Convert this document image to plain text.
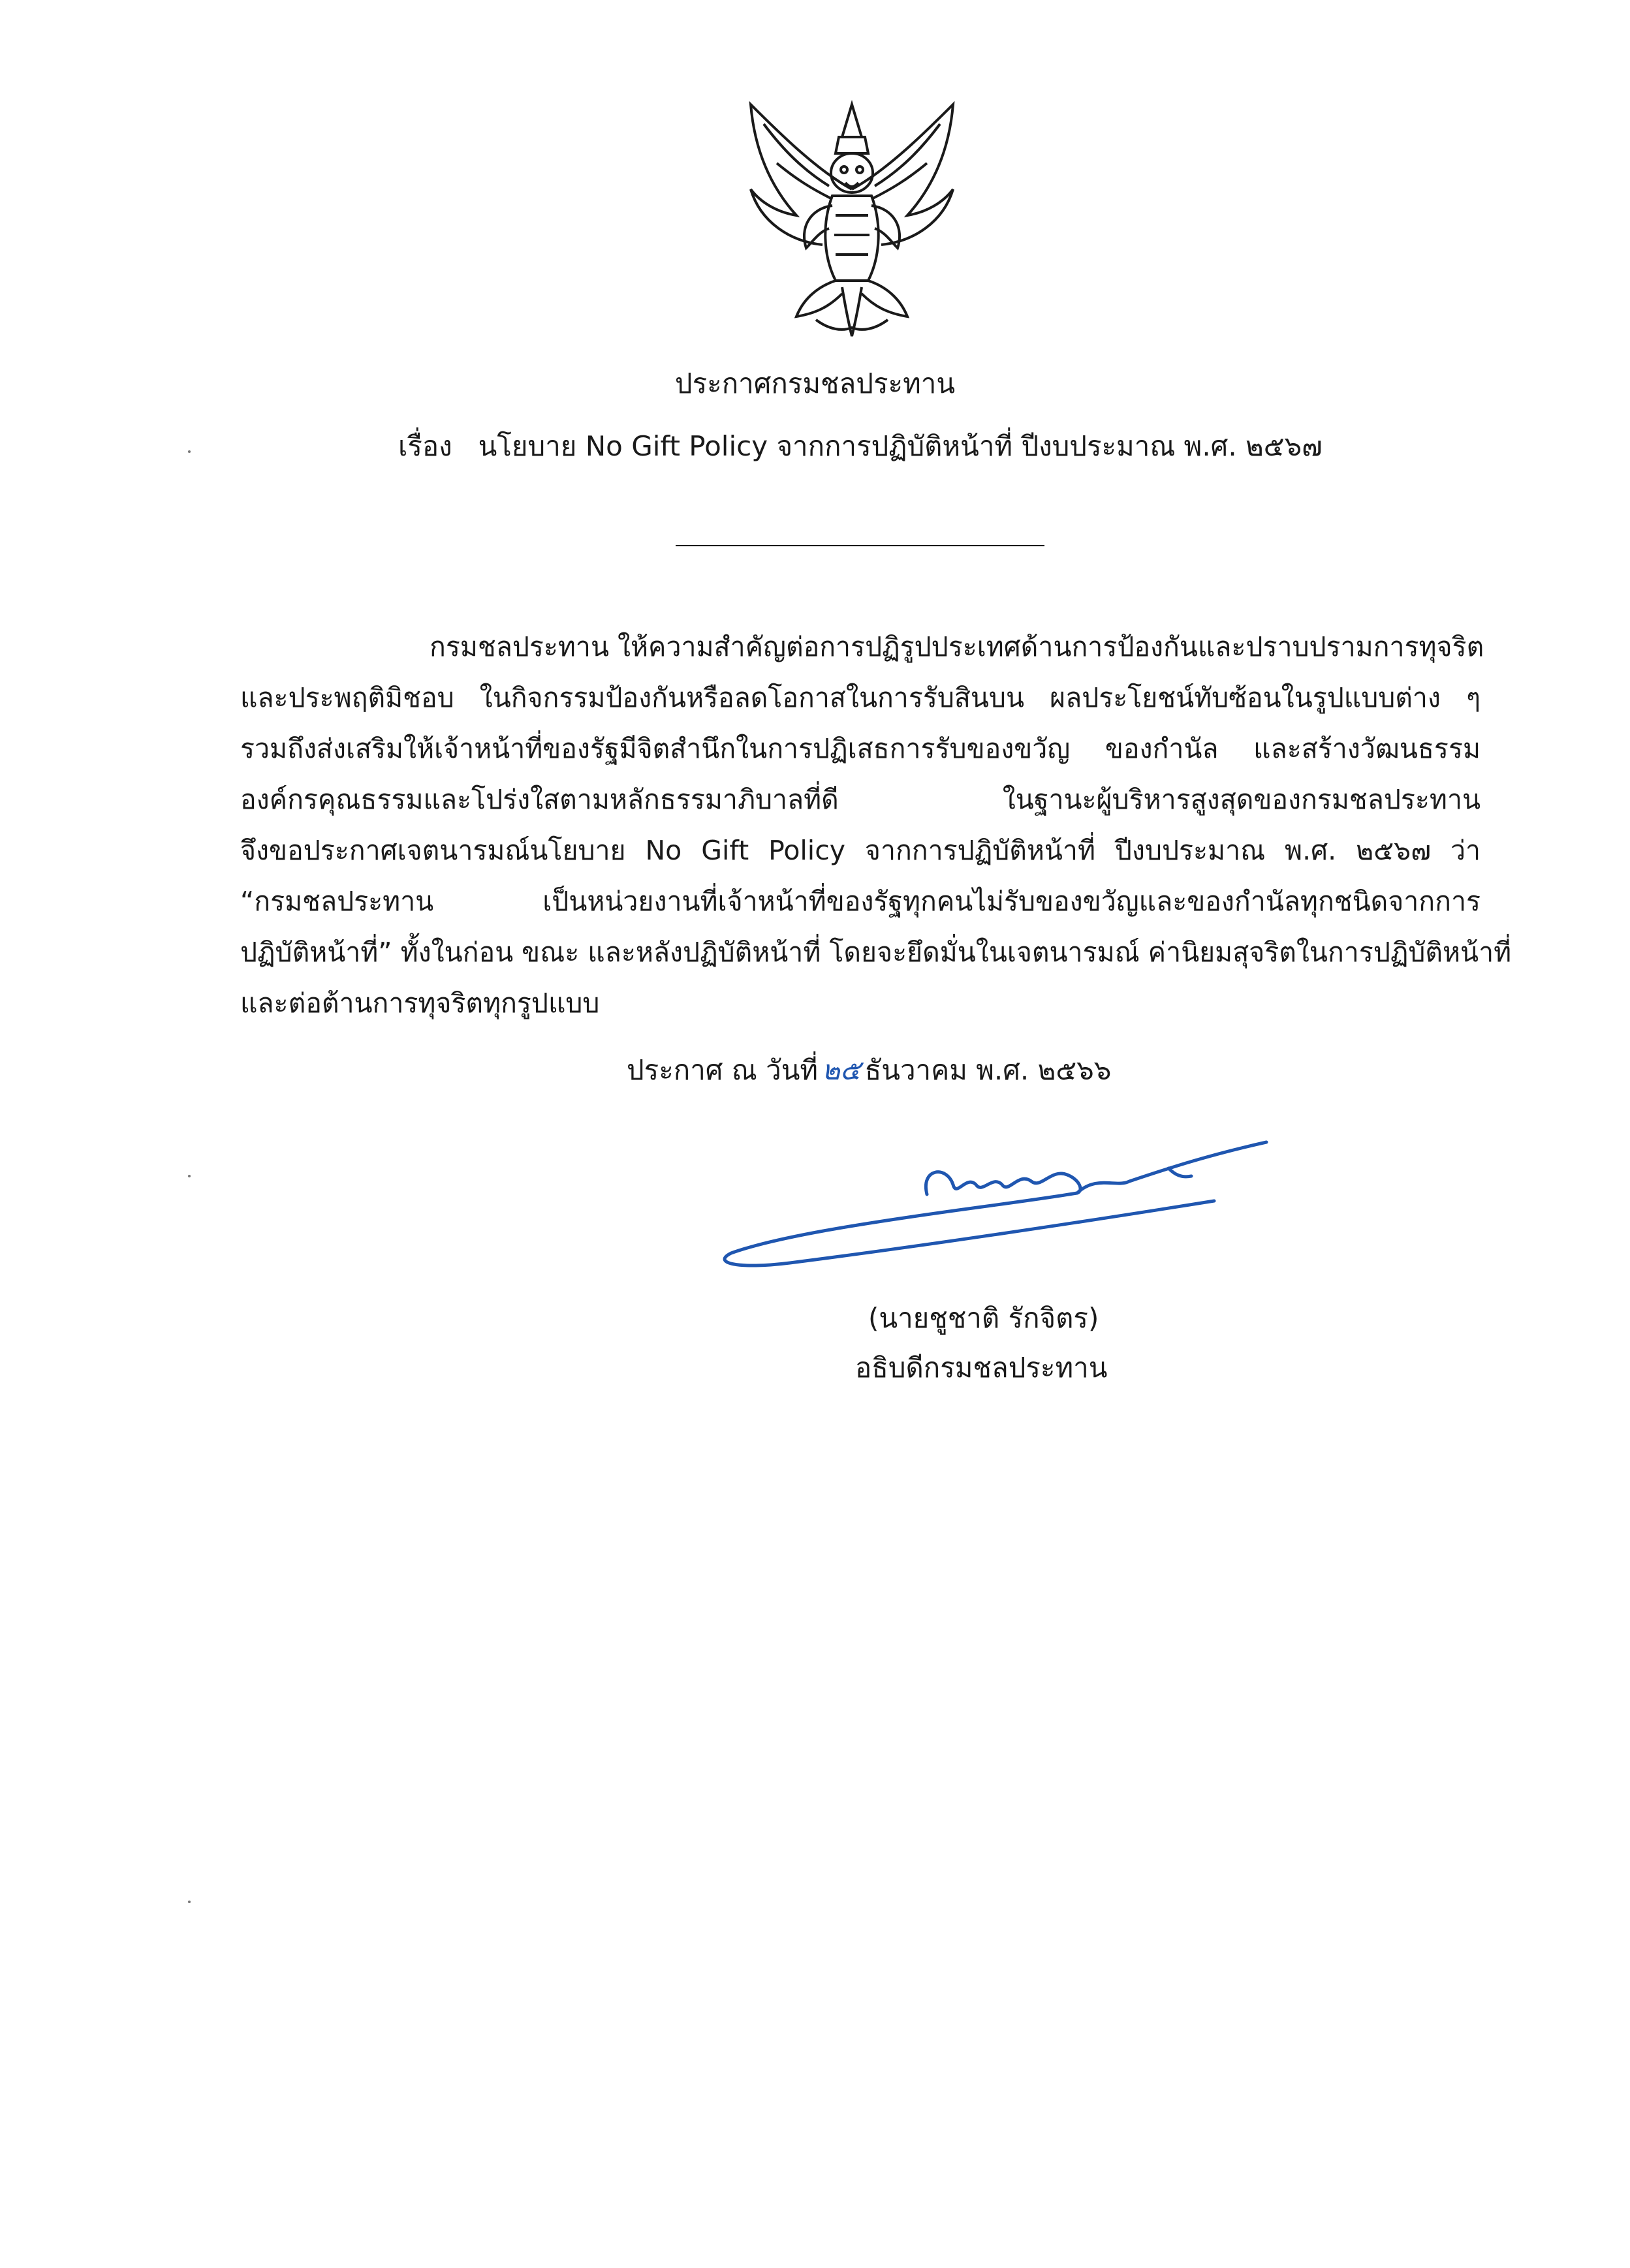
ประกาศกรมชลประทาน
เรื่อง นโยบาย No Gift Policy จากการปฏิบัติหน้าที่ ปีงบประมาณ พ.ศ. ๒๕๖๗
กรมชลประทาน ให้ความสำคัญต่อการปฏิรูปประเทศด้านการป้องกันและปราบปรามการทุจริต
และประพฤติมิชอบ ในกิจกรรมป้องกันหรือลดโอกาสในการรับสินบน ผลประโยชน์ทับซ้อนในรูปแบบต่าง ๆ
รวมถึงส่งเสริมให้เจ้าหน้าที่ของรัฐมีจิตสำนึกในการปฏิเสธการรับของขวัญ ของกำนัล และสร้างวัฒนธรรม
องค์กรคุณธรรมและโปร่งใสตามหลักธรรมาภิบาลที่ดี ในฐานะผู้บริหารสูงสุดของกรมชลประทาน
จึงขอประกาศเจตนารมณ์นโยบาย No Gift Policy จากการปฏิบัติหน้าที่ ปีงบประมาณ พ.ศ. ๒๕๖๗ ว่า
“กรมชลประทาน เป็นหน่วยงานที่เจ้าหน้าที่ของรัฐทุกคนไม่รับของขวัญและของกำนัลทุกชนิดจากการ
ปฏิบัติหน้าที่” ทั้งในก่อน ขณะ และหลังปฏิบัติหน้าที่ โดยจะยึดมั่นในเจตนารมณ์ ค่านิยมสุจริตในการปฏิบัติหน้าที่
และต่อต้านการทุจริตทุกรูปแบบ
ประกาศ ณ วันที่ ๒๕ ธันวาคม พ.ศ. ๒๕๖๖
(นายชูชาติ รักจิตร)
อธิบดีกรมชลประทาน
